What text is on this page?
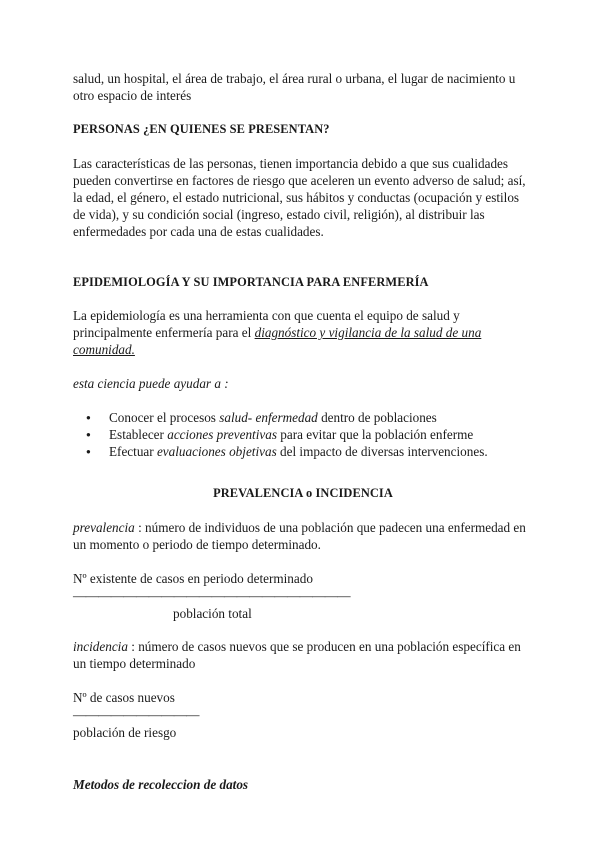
salud, un hospital, el área de trabajo, el área rural o urbana, el lugar de nacimiento u otro espacio de interés

PERSONAS ¿EN QUIENES SE PRESENTAN?

Las características de las personas, tienen importancia debido a que sus cualidades pueden convertirse en factores de riesgo que aceleren un evento adverso de salud; así, la edad, el género, el estado nutricional, sus hábitos y conductas (ocupación y estilos de vida), y su condición social (ingreso, estado civil, religión), al distribuir las enfermedades por cada una de estas cualidades.

EPIDEMIOLOGÍA Y SU IMPORTANCIA PARA ENFERMERÍA

La epidemiología es una herramienta con que cuenta el equipo de salud y principalmente enfermería para el diagnóstico y vigilancia de la salud de una comunidad.

esta ciencia puede ayudar a :

● Conocer el procesos salud- enfermedad dentro de poblaciones
● Establecer acciones preventivas para evitar que la población enferme
● Efectuar evaluaciones objetivas del impacto de diversas intervenciones.

PREVALENCIA o INCIDENCIA

prevalencia : número de individuos de una población que padecen una enfermedad en un momento o periodo de tiempo determinado.

Nº existente de casos en periodo determinado

——————————————————————

población total

incidencia : número de casos nuevos que se producen en una población específica en un tiempo determinado

Nº de casos nuevos

——————————

población de riesgo

Metodos de recoleccion de datos
